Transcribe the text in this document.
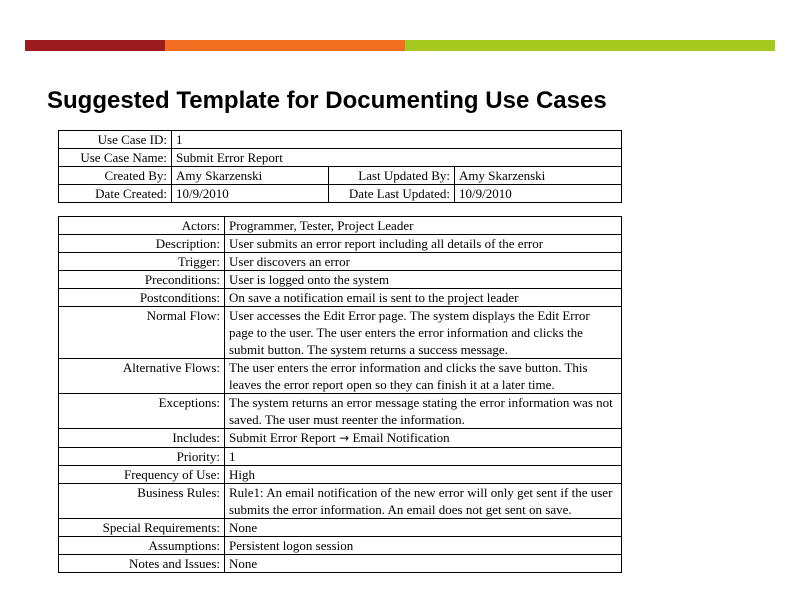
Suggested Template for Documenting Use Cases
Use Case ID:	1		
Use Case Name:	Submit Error Report		
Created By:	Amy Skarzenski	Last Updated By:	Amy Skarzenski
Date Created:	10/9/2010	Date Last Updated:	10/9/2010
Actors:	Programmer, Tester, Project Leader
Description:	User submits an error report including all details of the error
Trigger:	User discovers an error
Preconditions:	User is logged onto the system
Postconditions:	On save a notification email is sent to the project leader
Normal Flow:	User accesses the Edit Error page. The system displays the Edit Error page to the user. The user enters the error information and clicks the submit button. The system returns a success message.
Alternative Flows:	The user enters the error information and clicks the save button. This leaves the error report open so they can finish it at a later time.
Exceptions:	The system returns an error message stating the error information was not saved. The user must reenter the information.
Includes:	Submit Error Report → Email Notification
Priority:	1
Frequency of Use:	High
Business Rules:	Rule1: An email notification of the new error will only get sent if the user submits the error information. An email does not get sent on save.
Special Requirements:	None
Assumptions:	Persistent logon session
Notes and Issues:	None
